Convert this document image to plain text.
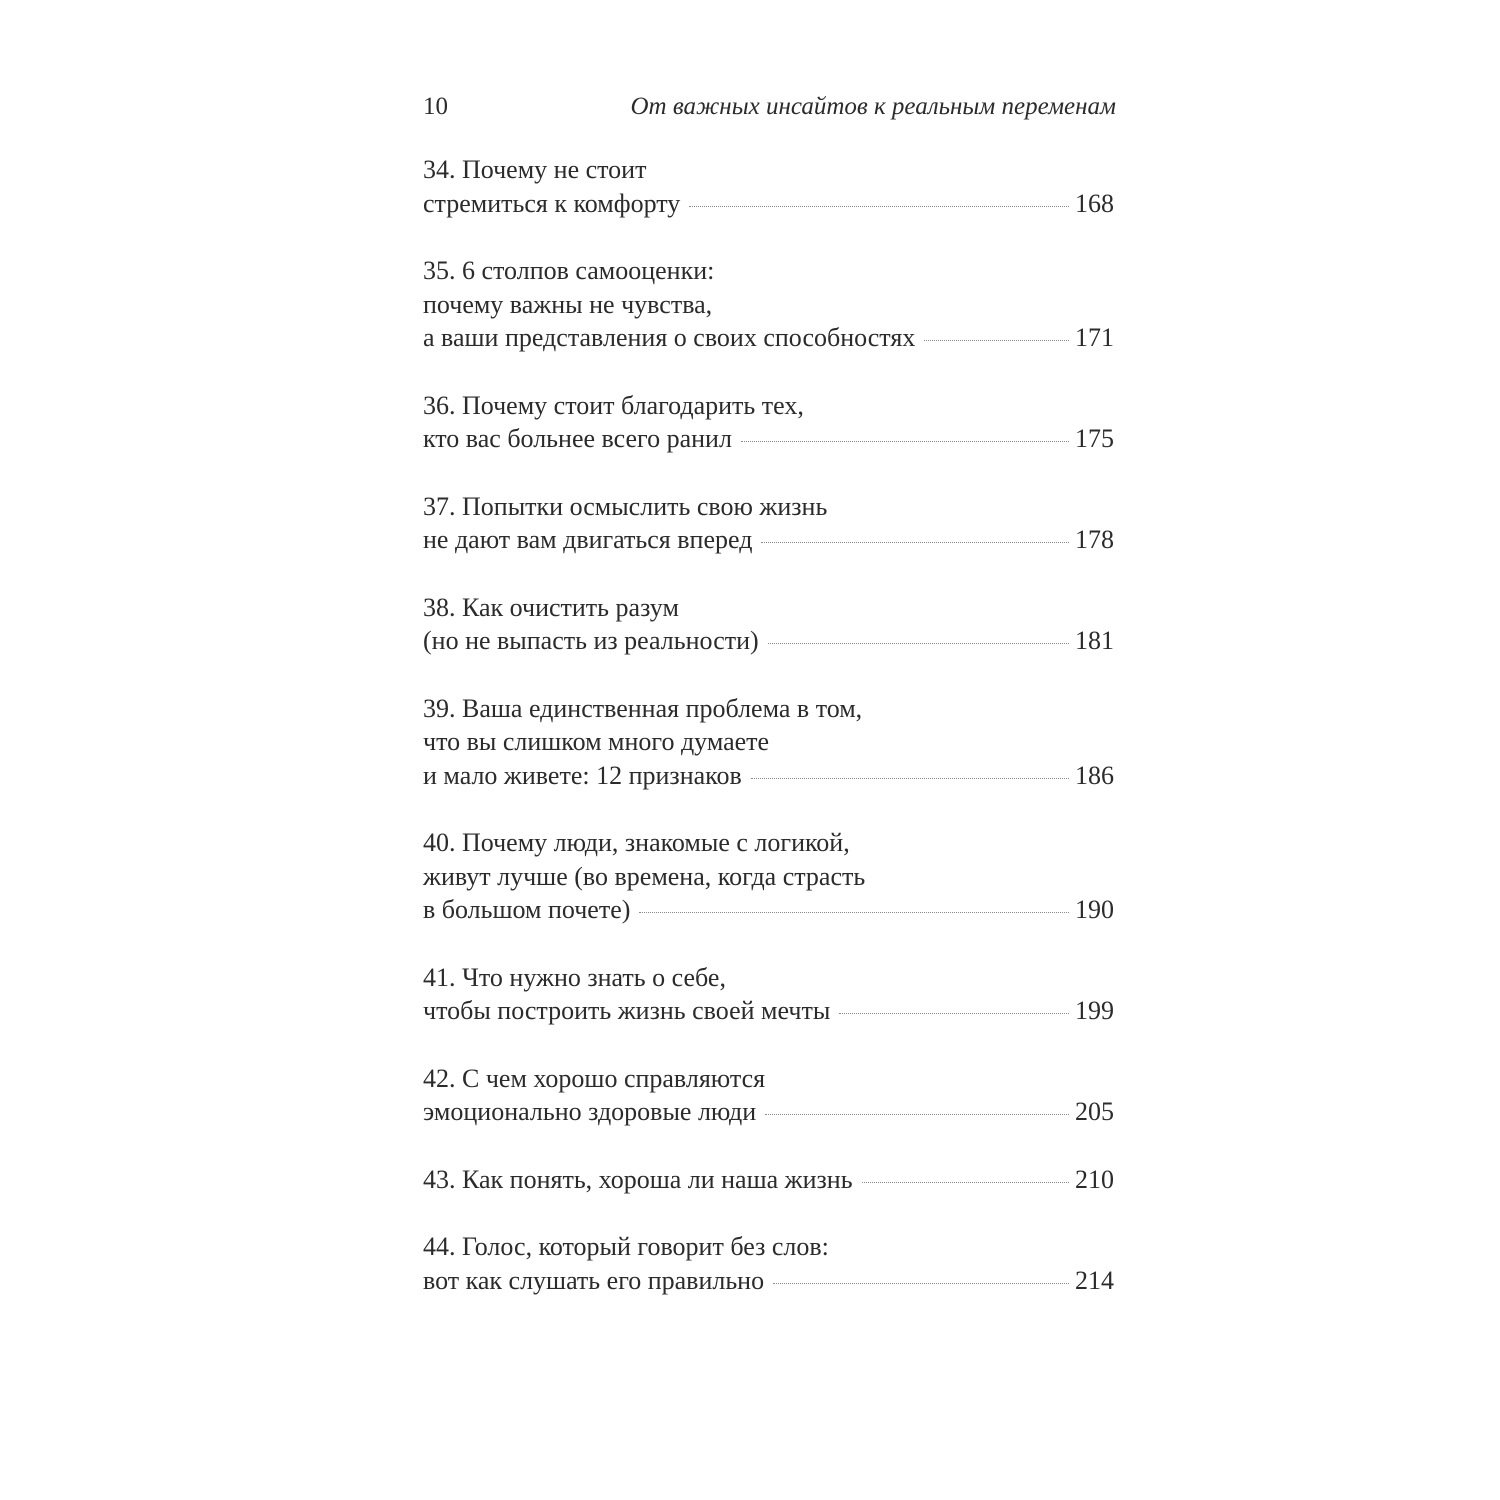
10	От важных инсайтов к реальным переменам
34. Почему не стоит
стремиться к комфорту	168
35. 6 столпов самооценки:
почему важны не чувства,
а ваши представления о своих способностях	171
36. Почему стоит благодарить тех,
кто вас больнее всего ранил	175
37. Попытки осмыслить свою жизнь
не дают вам двигаться вперед	178
38. Как очистить разум
(но не выпасть из реальности)	181
39. Ваша единственная проблема в том,
что вы слишком много думаете
и мало живете: 12 признаков	186
40. Почему люди, знакомые с логикой,
живут лучше (во времена, когда страсть
в большом почете)	190
41. Что нужно знать о себе,
чтобы построить жизнь своей мечты	199
42. С чем хорошо справляются
эмоционально здоровые люди	205
43. Как понять, хороша ли наша жизнь	210
44. Голос, который говорит без слов:
вот как слушать его правильно	214
